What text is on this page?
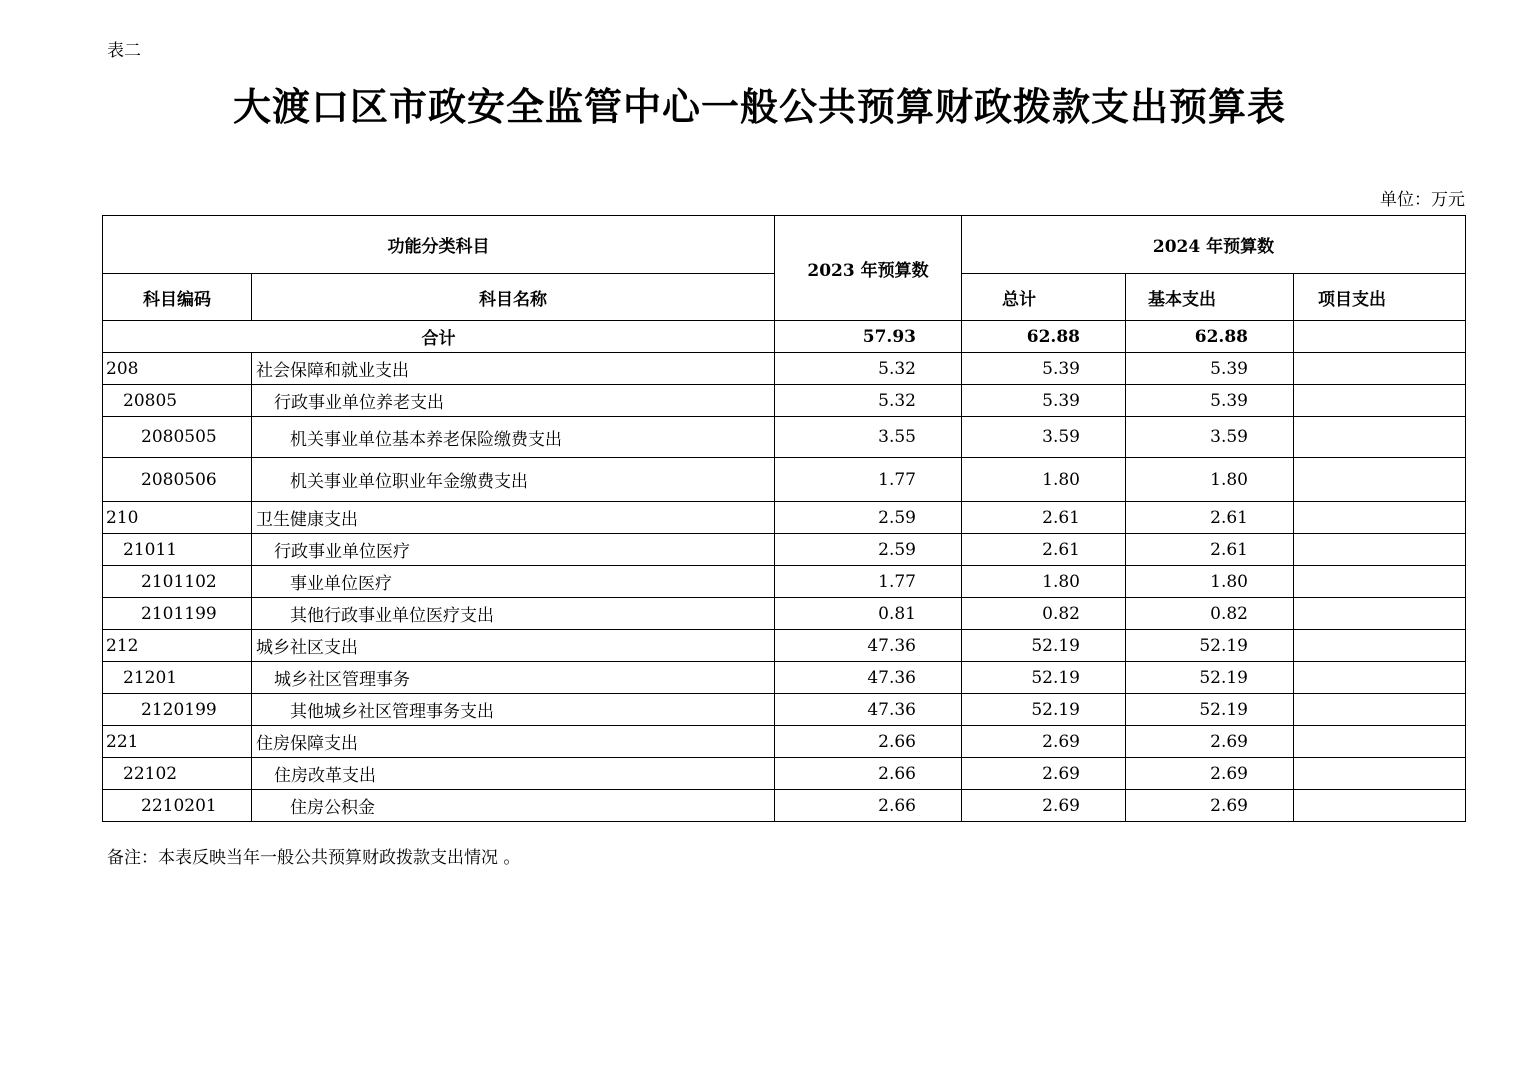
表二
大渡口区市政安全监管中心一般公共预算财政拨款支出预算表
单位：万元
功能分类科目		2023 年预算数	2024 年预算数		
科目编码	科目名称		总计	基本支出	项目支出
合计		57.93	62.88	62.88	
208	社会保障和就业支出	5.32	5.39	5.39	
20805	行政事业单位养老支出	5.32	5.39	5.39	
2080505	机关事业单位基本养老保险缴费支出	3.55	3.59	3.59	
2080506	机关事业单位职业年金缴费支出	1.77	1.80	1.80	
210	卫生健康支出	2.59	2.61	2.61	
21011	行政事业单位医疗	2.59	2.61	2.61	
2101102	事业单位医疗	1.77	1.80	1.80	
2101199	其他行政事业单位医疗支出	0.81	0.82	0.82	
212	城乡社区支出	47.36	52.19	52.19	
21201	城乡社区管理事务	47.36	52.19	52.19	
2120199	其他城乡社区管理事务支出	47.36	52.19	52.19	
221	住房保障支出	2.66	2.69	2.69	
22102	住房改革支出	2.66	2.69	2.69	
2210201	住房公积金	2.66	2.69	2.69	
备注：本表反映当年一般公共预算财政拨款支出情况 。
